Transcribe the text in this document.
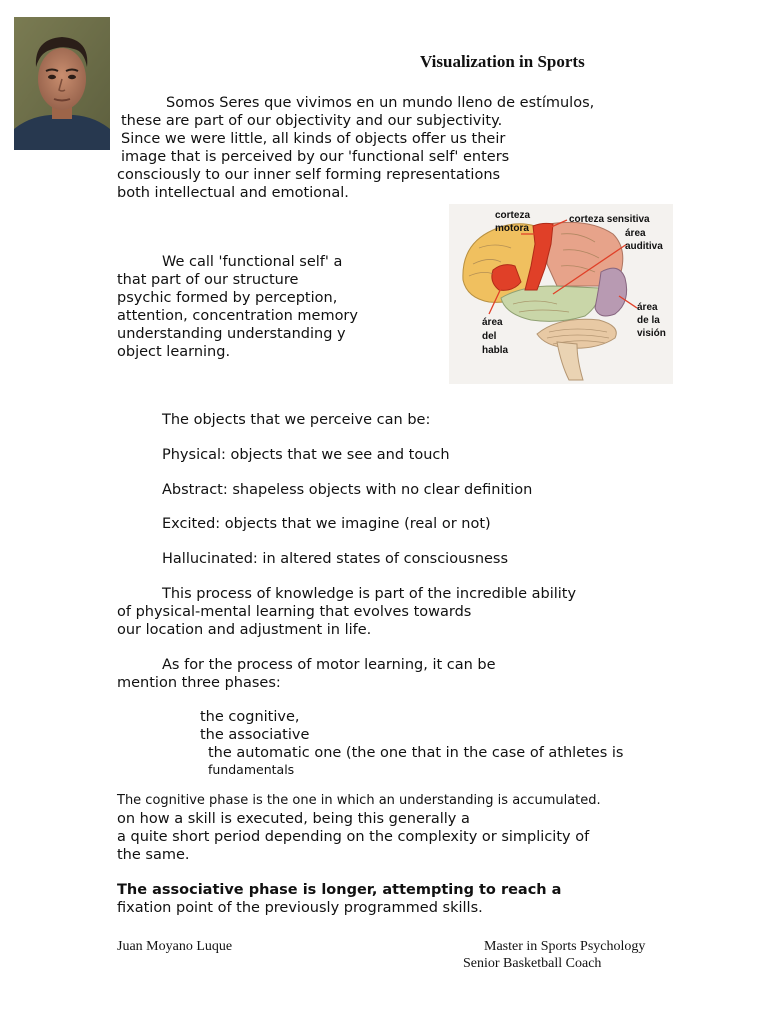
Visualization in Sports
Somos Seres que vivimos en un mundo lleno de estímulos,
these are part of our objectivity and our subjectivity.
Since we were little, all kinds of objects offer us their
image that is perceived by our 'functional self' enters
consciously to our inner self forming representations
both intellectual and emotional.
We call 'functional self' a
that part of our structure
psychic formed by perception,
attention, concentration memory
understanding understanding y
object learning.
corteza
motora
corteza sensitiva
área
auditiva
área
del
habla
área
de la
visión
The objects that we perceive can be:
Physical: objects that we see and touch
Abstract: shapeless objects with no clear definition
Excited: objects that we imagine (real or not)
Hallucinated: in altered states of consciousness
This process of knowledge is part of the incredible ability
of physical-mental learning that evolves towards
our location and adjustment in life.
As for the process of motor learning, it can be
mention three phases:
the cognitive,
the associative
the automatic one (the one that in the case of athletes is
fundamentals
The cognitive phase is the one in which an understanding is accumulated.
on how a skill is executed, being this generally a
a quite short period depending on the complexity or simplicity of
the same.
The associative phase is longer, attempting to reach a
fixation point of the previously programmed skills.
Juan Moyano Luque	Master in Sports Psychology
Senior Basketball Coach
